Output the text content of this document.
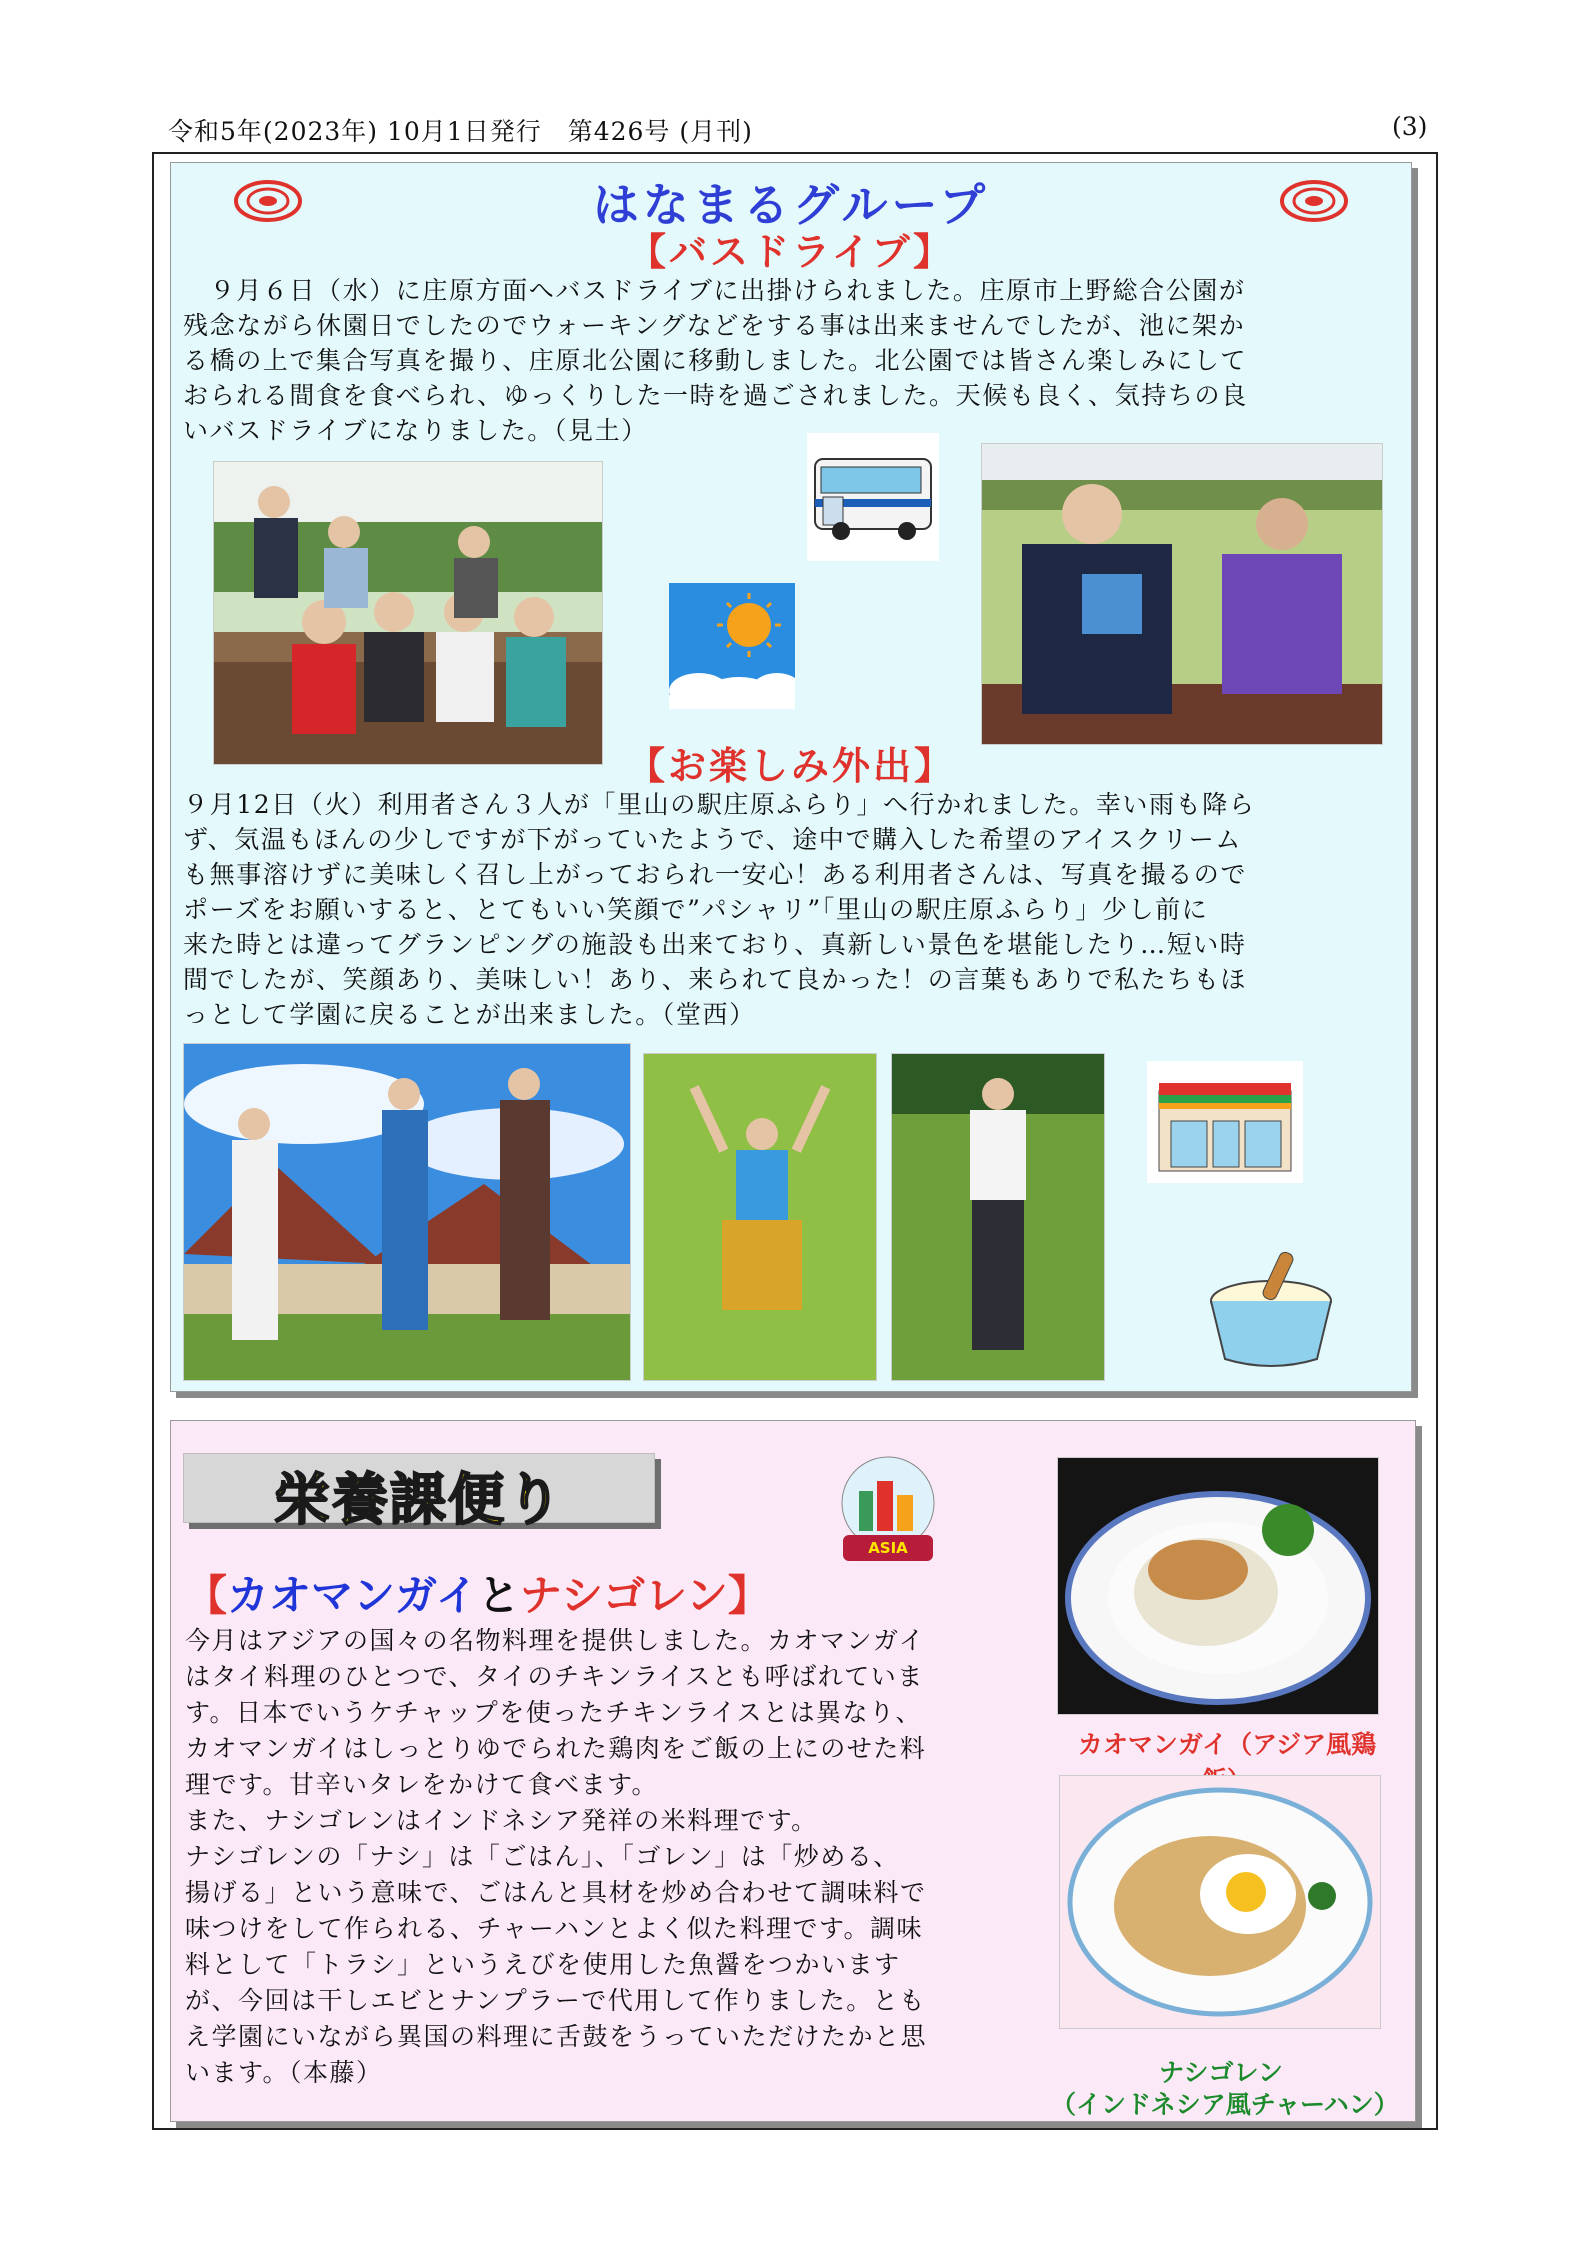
令和5年(2023年) 10月1日発行　第426号 (月刊)	(3)
はなまるグループ
【バスドライブ】
　９月６日（水）に庄原方面へバスドライブに出掛けられました。庄原市上野総合公園が
残念ながら休園日でしたのでウォーキングなどをする事は出来ませんでしたが、池に架か
る橋の上で集合写真を撮り、庄原北公園に移動しました。北公園では皆さん楽しみにして
おられる間食を食べられ、ゆっくりした一時を過ごされました。天候も良く、気持ちの良
いバスドライブになりました。（見土）
【お楽しみ外出】
９月12日（火）利用者さん３人が「里山の駅庄原ふらり」へ行かれました。幸い雨も降ら
ず、気温もほんの少しですが下がっていたようで、途中で購入した希望のアイスクリーム
も無事溶けずに美味しく召し上がっておられ一安心！ある利用者さんは、写真を撮るので
ポーズをお願いすると、とてもいい笑顔で”パシャリ”「里山の駅庄原ふらり」少し前に
来た時とは違ってグランピングの施設も出来ており、真新しい景色を堪能したり…短い時
間でしたが、笑顔あり、美味しい！あり、来られて良かった！の言葉もありで私たちもほ
っとして学園に戻ることが出来ました。（堂西）
栄養課便り
ASIA
【カオマンガイとナシゴレン】
今月はアジアの国々の名物料理を提供しました。カオマンガイ
はタイ料理のひとつで、タイのチキンライスとも呼ばれていま
す。日本でいうケチャップを使ったチキンライスとは異なり、
カオマンガイはしっとりゆでられた鶏肉をご飯の上にのせた料
理です。甘辛いタレをかけて食べます。
また、ナシゴレンはインドネシア発祥の米料理です。
ナシゴレンの「ナシ」は「ごはん」、「ゴレン」は「炒める、
揚げる」という意味で、ごはんと具材を炒め合わせて調味料で
味つけをして作られる、チャーハンとよく似た料理です。調味
料として「トラシ」というえびを使用した魚醤をつかいます
が、今回は干しエビとナンプラーで代用して作りました。とも
え学園にいながら異国の料理に舌鼓をうっていただけたかと思
います。（本藤）
カオマンガイ（アジア風鶏
ナシゴレン
（インドネシア風チャーハン）
